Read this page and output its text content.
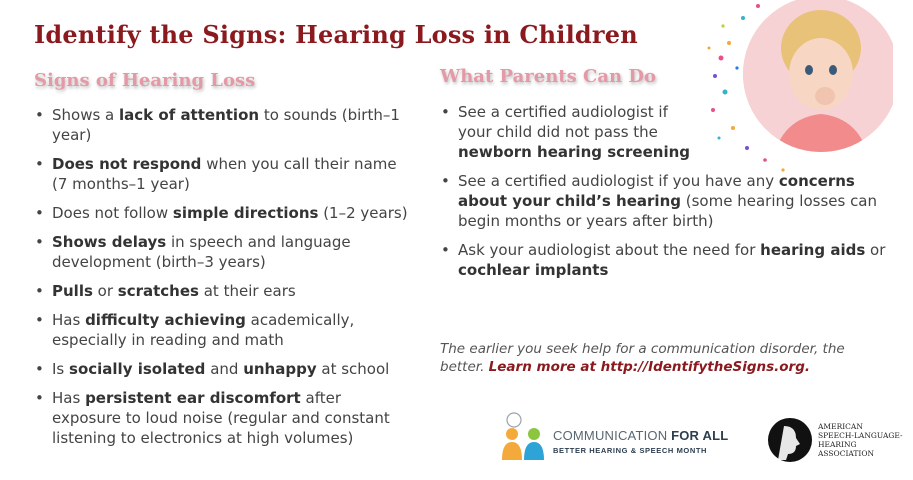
Identify the Signs: Hearing Loss in Children
Signs of Hearing Loss
• Shows a lack of attention to sounds (birth–1 year)
• Does not respond when you call their name (7 months–1 year)
• Does not follow simple directions (1–2 years)
• Shows delays in speech and language development (birth–3 years)
• Pulls or scratches at their ears
• Has difficulty achieving academically, especially in reading and math
• Is socially isolated and unhappy at school
• Has persistent ear discomfort after exposure to loud noise (regular and constant listening to electronics at high volumes)
What Parents Can Do
• See a certified audiologist if your child did not pass the newborn hearing screening
• See a certified audiologist if you have any concerns about your child’s hearing (some hearing losses can begin months or years after birth)
• Ask your audiologist about the need for hearing aids or cochlear implants

The earlier you seek help for a communication disorder, the better. Learn more at http://IdentifytheSigns.org.

COMMUNICATION FOR ALL
BETTER HEARING & SPEECH MONTH
AMERICAN
SPEECH-LANGUAGE-
HEARING
ASSOCIATION
